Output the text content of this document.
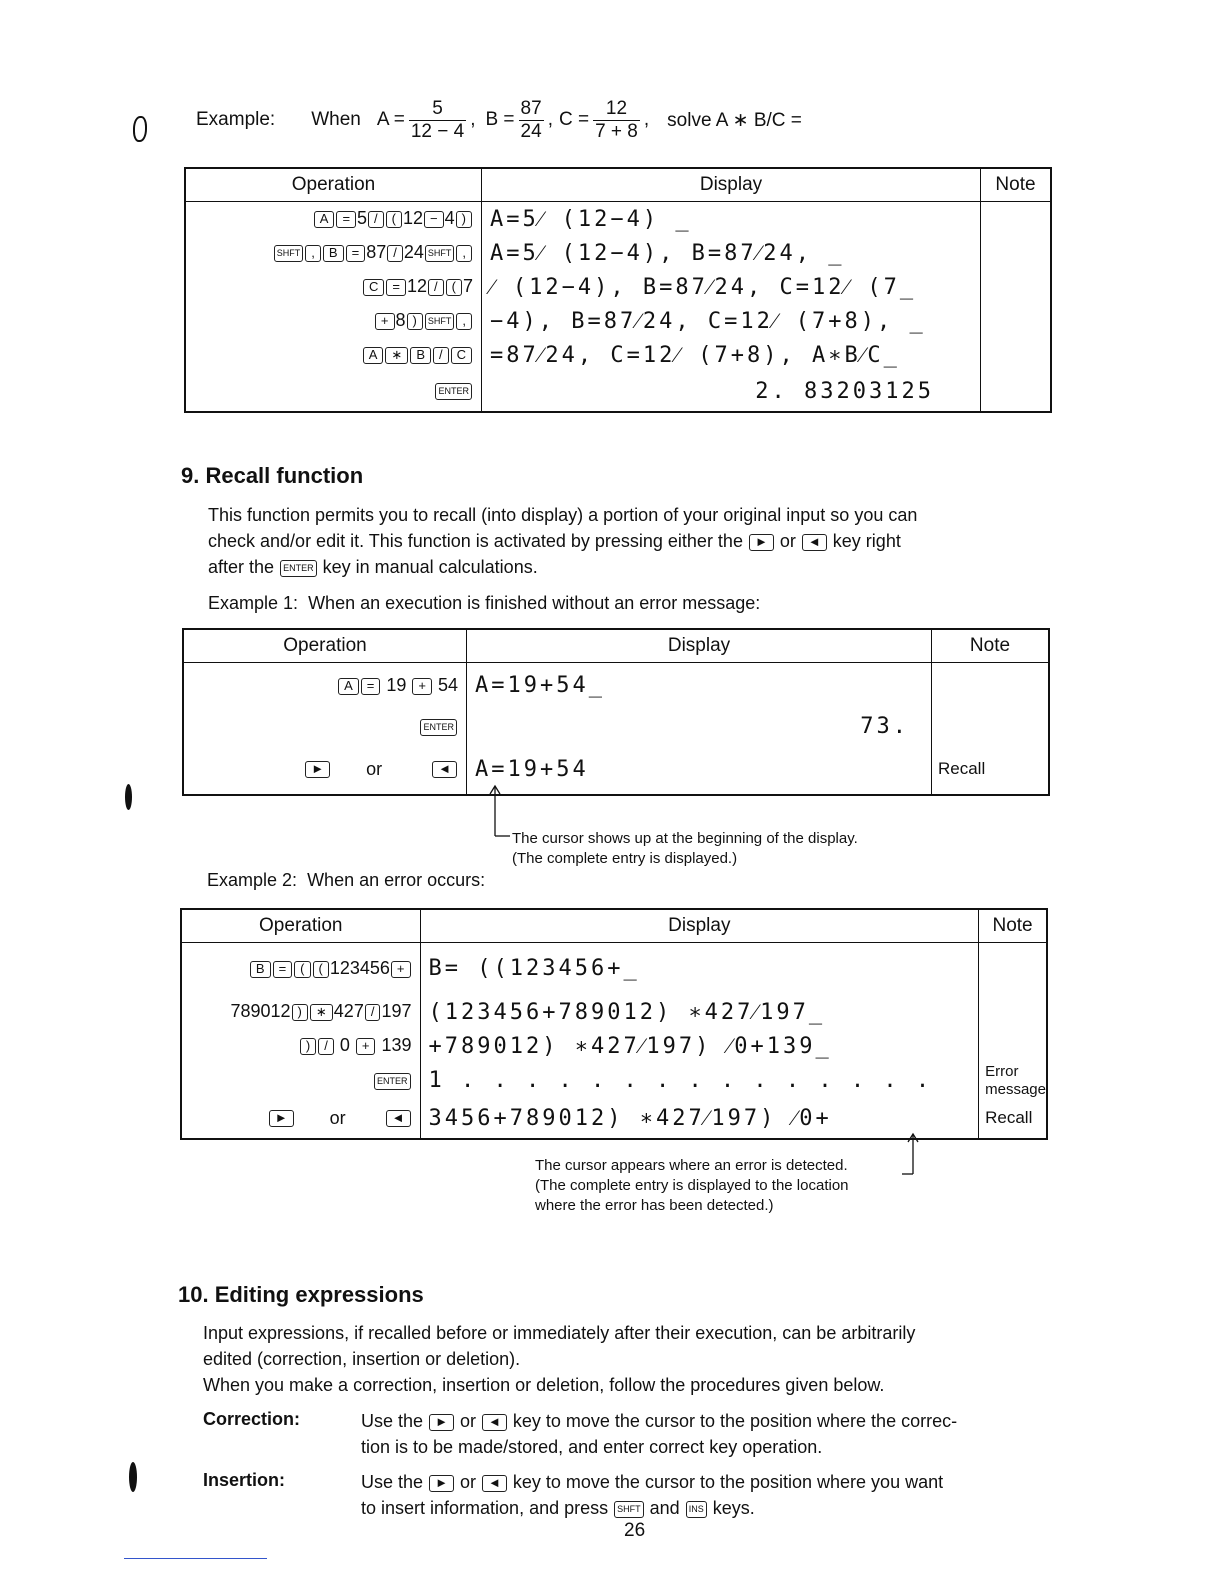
Example: When $A = \frac{5}{12 - 4}$ , $B = \frac{87}{24}$ , $C = \frac{12}{7 + 8}$ , solve A ∗ B/C =
Operation	Display	Note
A = 5 / ( 12 − 4 )	A=5⁄ (12−4) _	
SHFT , B = 87 / 24 SHFT ,	A=5⁄ (12−4), B=87⁄24, _	
C = 12 / ( 7	⁄ (12−4), B=87⁄24, C=12⁄ (7_	
+ 8 ) SHFT ,	−4), B=87⁄24, C=12⁄ (7+8), _	
A ∗ B / C	=87⁄24, C=12⁄ (7+8), A∗B⁄C_	
ENTER	2. 83203125	
9. Recall function
This function permits you to recall (into display) a portion of your original input so you can
check and/or edit it. This function is activated by pressing either the ► or ◄ key right
after the ENTER key in manual calculations.
Example 1: When an execution is finished without an error message:
Operation	Display	Note
A = 19 + 54	A=19+54_	
ENTER	73.	
► or ◄	A=19+54	Recall
The cursor shows up at the beginning of the display.
(The complete entry is displayed.)
Example 2: When an error occurs:
Operation	Display	Note
B = ( ( 123456 +	B= ((123456+_	
789012 ) ∗ 427 / 197	(123456+789012) ∗427⁄197_	
) / 0 + 139	+789012) ∗427⁄197) ⁄0+139_	
ENTER	1 . . . . . . . . . . . . . . .	Error message
► or ◄	3456+789012) ∗427⁄197) ⁄0+	Recall
The cursor appears where an error is detected.
(The complete entry is displayed to the location
where the error has been detected.)
10. Editing expressions
Input expressions, if recalled before or immediately after their execution, can be arbitrarily
edited (correction, insertion or deletion).
When you make a correction, insertion or deletion, follow the procedures given below.
Correction:	Use the ► or ◄ key to move the cursor to the position where the correc-
tion is to be made/stored, and enter correct key operation.
Insertion:	Use the ► or ◄ key to move the cursor to the position where you want
to insert information, and press SHFT and INS keys.
26
